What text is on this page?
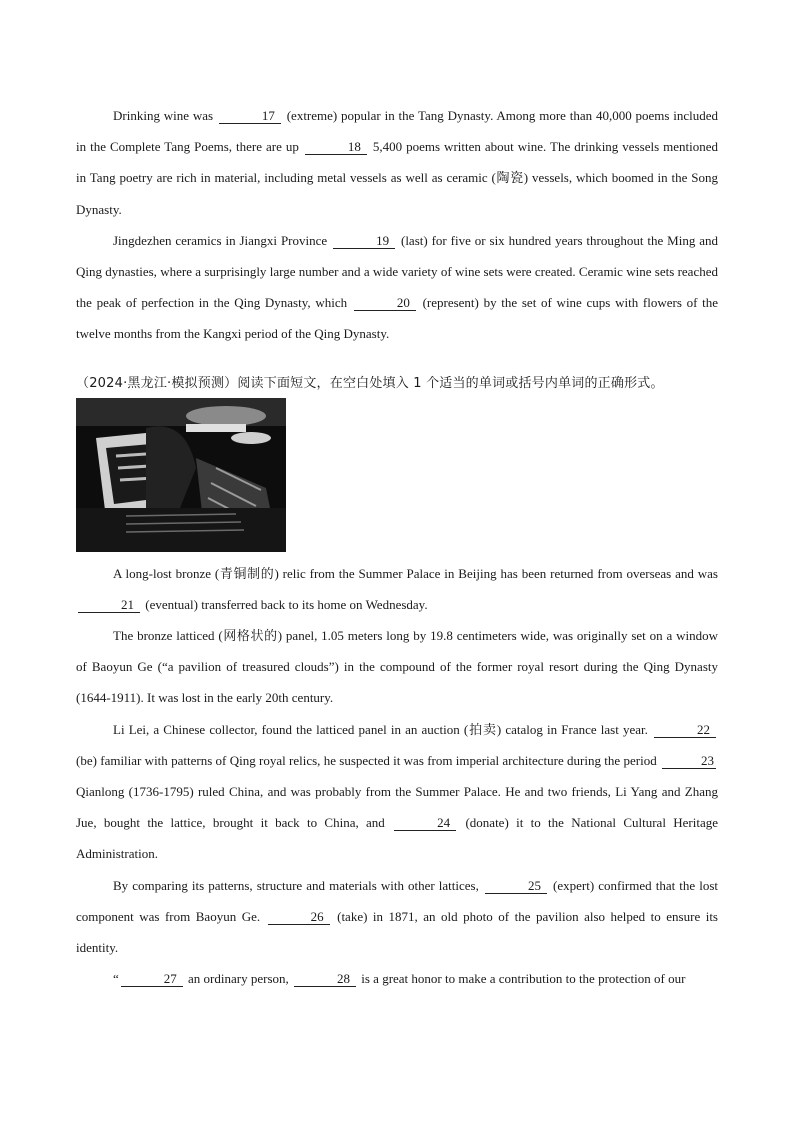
Drinking wine was	17 (extreme) popular in the Tang Dynasty. Among more than 40,000 poems included in the Complete Tang Poems, there are up	18 5,400 poems written about wine. The drinking vessels mentioned in Tang poetry are rich in material, including metal vessels as well as ceramic (陶瓷) vessels, which boomed in the Song Dynasty.

Jingdezhen ceramics in Jiangxi Province	19 (last) for five or six hundred years throughout the Ming and Qing dynasties, where a surprisingly large number and a wide variety of wine sets were created. Ceramic wine sets reached the peak of perfection in the Qing Dynasty, which	20 (represent) by the set of wine cups with flowers of the twelve months from the Kangxi period of the Qing Dynasty.

（2024·黑龙江·模拟预测）阅读下面短文，在空白处填入 1 个适当的单词或括号内单词的正确形式。

A long-lost bronze (青铜制的) relic from the Summer Palace in Beijing has been returned from overseas and was 21 (eventual) transferred back to its home on Wednesday.

The bronze latticed (网格状的) panel, 1.05 meters long by 19.8 centimeters wide, was originally set on a window of Baoyun Ge (“a pavilion of treasured clouds”) in the compound of the former royal resort during the Qing Dynasty (1644-1911). It was lost in the early 20th century.

Li Lei, a Chinese collector, found the latticed panel in an auction (拍卖) catalog in France last year.	22 (be) familiar with patterns of Qing royal relics, he suspected it was from imperial architecture during the period	23 Qianlong (1736-1795) ruled China, and was probably from the Summer Palace. He and two friends, Li Yang and Zhang Jue, bought the lattice, brought it back to China, and	24 (donate) it to the National Cultural Heritage Administration.

By comparing its patterns, structure and materials with other lattices,	25 (expert) confirmed that the lost component was from Baoyun Ge.	26 (take) in 1871, an old photo of the pavilion also helped to ensure its identity.

“	27 an ordinary person,	28 is a great honor to make a contribution to the protection of our
